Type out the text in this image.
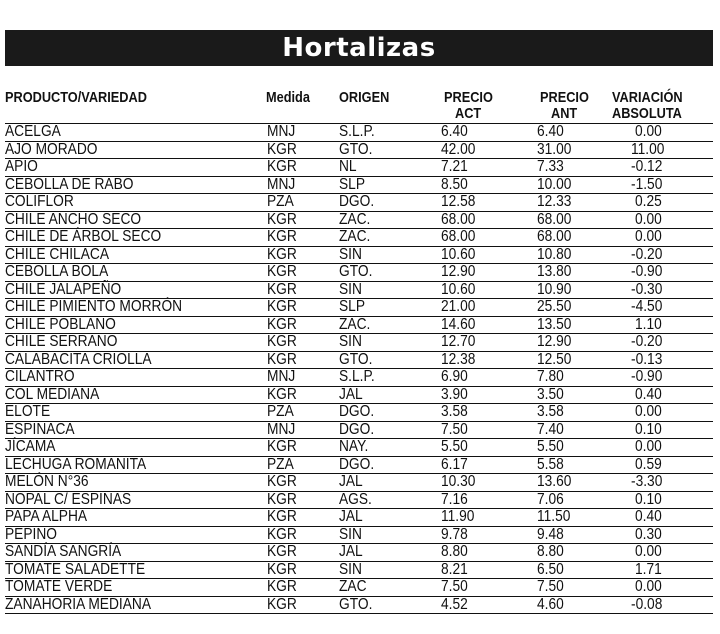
Hortalizas
PRODUCTO/VARIEDAD	Medida ORIGEN	PRECIO
ACT
PRECIO
ANT
VARIACIÓN
ABSOLUTA
ACELGA	MNJ	S.L.P.	6.40	6.40	0.00
AJO MORADO	KGR	GTO.	42.00	31.00	11.00
APIO	KGR	NL	7.21	7.33	-0.12
CEBOLLA DE RABO	MNJ	SLP	8.50	10.00	-1.50
COLIFLOR	PZA	DGO.	12.58	12.33	0.25
CHILE ANCHO SECO	KGR	ZAC.	68.00	68.00	0.00
CHILE DE ÁRBOL SECO	KGR	ZAC.	68.00	68.00	0.00
CHILE CHILACA	KGR	SIN	10.60	10.80	-0.20
CEBOLLA BOLA	KGR	GTO.	12.90	13.80	-0.90
CHILE JALAPEÑO	KGR	SIN	10.60	10.90	-0.30
CHILE PIMIENTO MORRÓN	KGR	SLP	21.00	25.50	-4.50
CHILE POBLANO	KGR	ZAC.	14.60	13.50	1.10
CHILE SERRANO	KGR	SIN	12.70	12.90	-0.20
CALABACITA CRIOLLA	KGR	GTO.	12.38	12.50	-0.13
CILANTRO	MNJ	S.L.P.	6.90	7.80	-0.90
COL MEDIANA	KGR	JAL	3.90	3.50	0.40
ELOTE	PZA	DGO.	3.58	3.58	0.00
ESPINACA	MNJ	DGO.	7.50	7.40	0.10
JÍCAMA	KGR	NAY.	5.50	5.50	0.00
LECHUGA ROMANITA	PZA	DGO.	6.17	5.58	0.59
MELÓN N°36	KGR	JAL	10.30	13.60	-3.30
NOPAL C/ ESPINAS	KGR	AGS.	7.16	7.06	0.10
PAPA ALPHA	KGR	JAL	11.90	11.50	0.40
PEPINO	KGR	SIN	9.78	9.48	0.30
SANDÍA SANGRÍA	KGR	JAL	8.80	8.80	0.00
TOMATE SALADETTE	KGR	SIN	8.21	6.50	1.71
TOMATE VERDE	KGR	ZAC	7.50	7.50	0.00
ZANAHORIA MEDIANA	KGR	GTO.	4.52	4.60	-0.08
